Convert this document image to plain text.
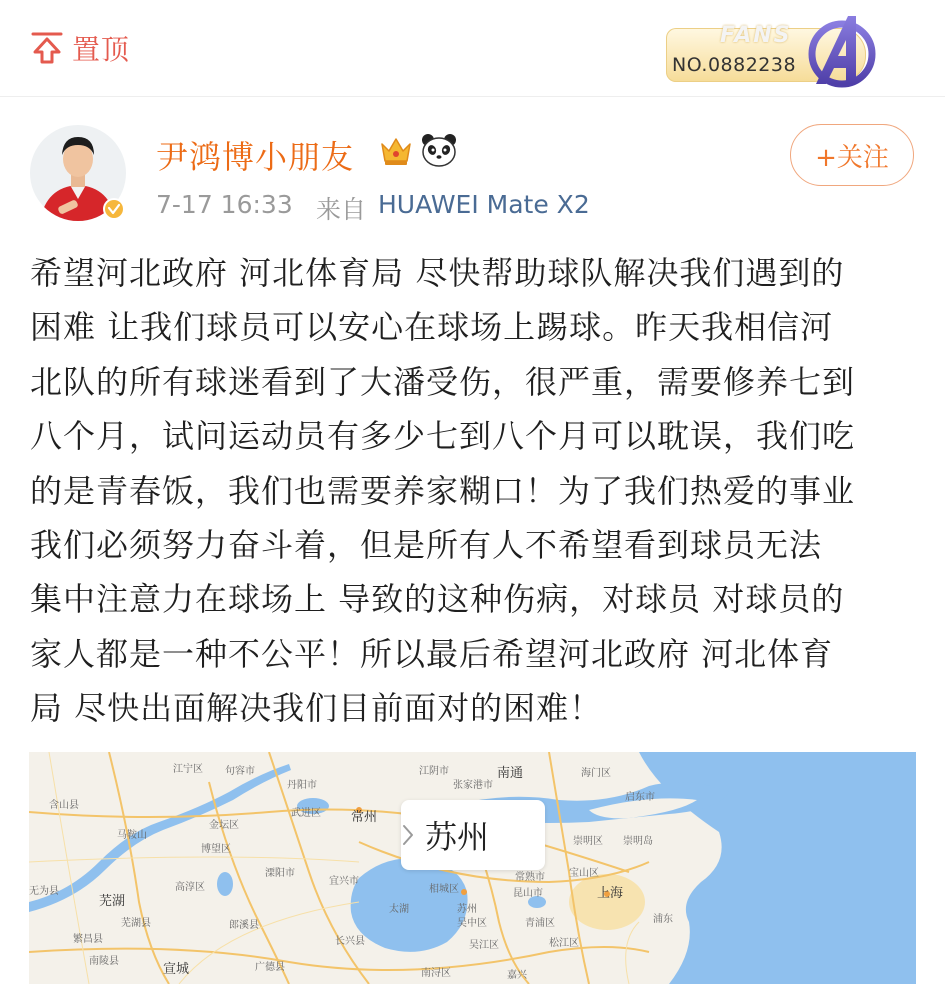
置顶	FANS
NO.0882238
尹鸿博小朋友
7-17 16:33 来自 HUAWEI Mate X2
+关注

希望河北政府 河北体育局 尽快帮助球队解决我们遇到的
困难 让我们球员可以安心在球场上踢球。昨天我相信河
北队的所有球迷看到了大潘受伤，很严重，需要修养七到
八个月，试问运动员有多少七到八个月可以耽误，我们吃
的是青春饭，我们也需要养家糊口！为了我们热爱的事业
我们必须努力奋斗着，但是所有人不希望看到球员无法
集中注意力在球场上 导致的这种伤病，对球员 对球员的
家人都是一种不公平！所以最后希望河北政府 河北体育
局 尽快出面解决我们目前面对的困难！

江宁区 句容市
丹阳市
江阴市
张家港市
南通	海门区
启东市
含山县
马鞍山
金坛区
常州
武进区
崇明区 崇明岛
博望区
溧阳市
宜兴市	常熟市 宝山区
无为县
芜湖
高淳区
太湖
相城区
苏州
昆山市	上海
芜湖县	郎溪县	吴中区	青浦区
松江区
浦东
繁昌县	长兴县	吴江区
南陵县
宣城	广德县
南浔区	嘉兴
苏州
